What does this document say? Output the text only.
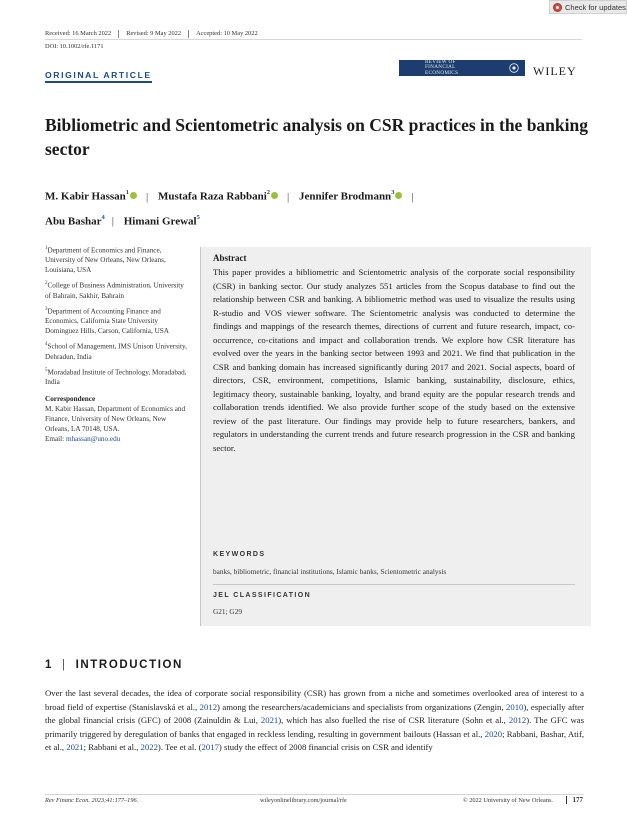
Check for updates
Received: 16 March 2022	Revised: 9 May 2022	Accepted: 10 May 2022
DOI: 10.1002/rfe.1171
ORIGINAL ARTICLE
REVIEW OF
FINANCIAL
ECONOMICS	WILEY
Bibliometric and Scientometric analysis on CSR practices in the banking sector
M. Kabir Hassan$^1$ | Mustafa Raza Rabbani$^2$ | Jennifer Brodmann$^3$ |
Abu Bashar$^4$ | Himani Grewal$^5$
$^1$Department of Economics and Finance, University of New Orleans, New Orleans, Louisiana, USA
$^2$College of Business Administration, University of Bahrain, Sakhir, Bahrain
$^3$Department of Accounting Finance and Economics, California State University Dominguez Hills, Carson, California, USA
$^4$School of Management, IMS Unison University, Dehradun, India
$^5$Moradabad Institute of Technology, Moradabad, India
Correspondence
M. Kabir Hassan, Department of Economics and Finance, University of New Orleans, New Orleans, LA 70148, USA.
Email: mhassan@uno.edu
Abstract

This paper provides a bibliometric and Scientometric analysis of the corporate social responsibility (CSR) in banking sector. Our study analyzes 551 articles from the Scopus database to find out the relationship between CSR and banking. A bibliometric method was used to visualize the results using R-studio and VOS viewer software. The Scientometric analysis was conducted to determine the findings and mappings of the research themes, directions of current and future research, impact, co-occurrence, co-citations and impact and collaboration trends. We explore how CSR literature has evolved over the years in the banking sector between 1993 and 2021. We find that publication in the CSR and banking domain has increased significantly during 2017 and 2021. Social aspects, board of directors, CSR, environment, competitions, Islamic banking, sustainability, disclosure, ethics, legitimacy theory, sustainable banking, loyalty, and brand equity are the popular research trends and collaboration trends identified. We also provide further scope of the study based on the extensive review of the past literature. Our findings may provide help to future researchers, bankers, and regulators in understanding the current trends and future research progression in the CSR and banking sector.

KEYWORDS
banks, bibliometric, financial institutions, Islamic banks, Scientometric analysis
JEL CLASSIFICATION
G21; G29
1 | INTRODUCTION

Over the last several decades, the idea of corporate social responsibility (CSR) has grown from a niche and sometimes overlooked area of interest to a broad field of expertise (Stanislavská et al., 2012) among the researchers/academicians and specialists from organizations (Zengin, 2010), especially after the global financial crisis (GFC) of 2008 (Zainuldin & Lui, 2021), which has also fuelled the rise of CSR literature (Sohn et al., 2012). The GFC was primarily triggered by deregulation of banks that engaged in reckless lending, resulting in government bailouts (Hassan et al., 2020; Rabbani, Bashar, Atif, et al., 2021; Rabbani et al., 2022). Tee et al. (2017) study the effect of 2008 financial crisis on CSR and identify

Rev Financ Econ. 2023;41:177–196.	wileyonlinelibrary.com/journal/rfe	© 2022 University of New Orleans.	177
